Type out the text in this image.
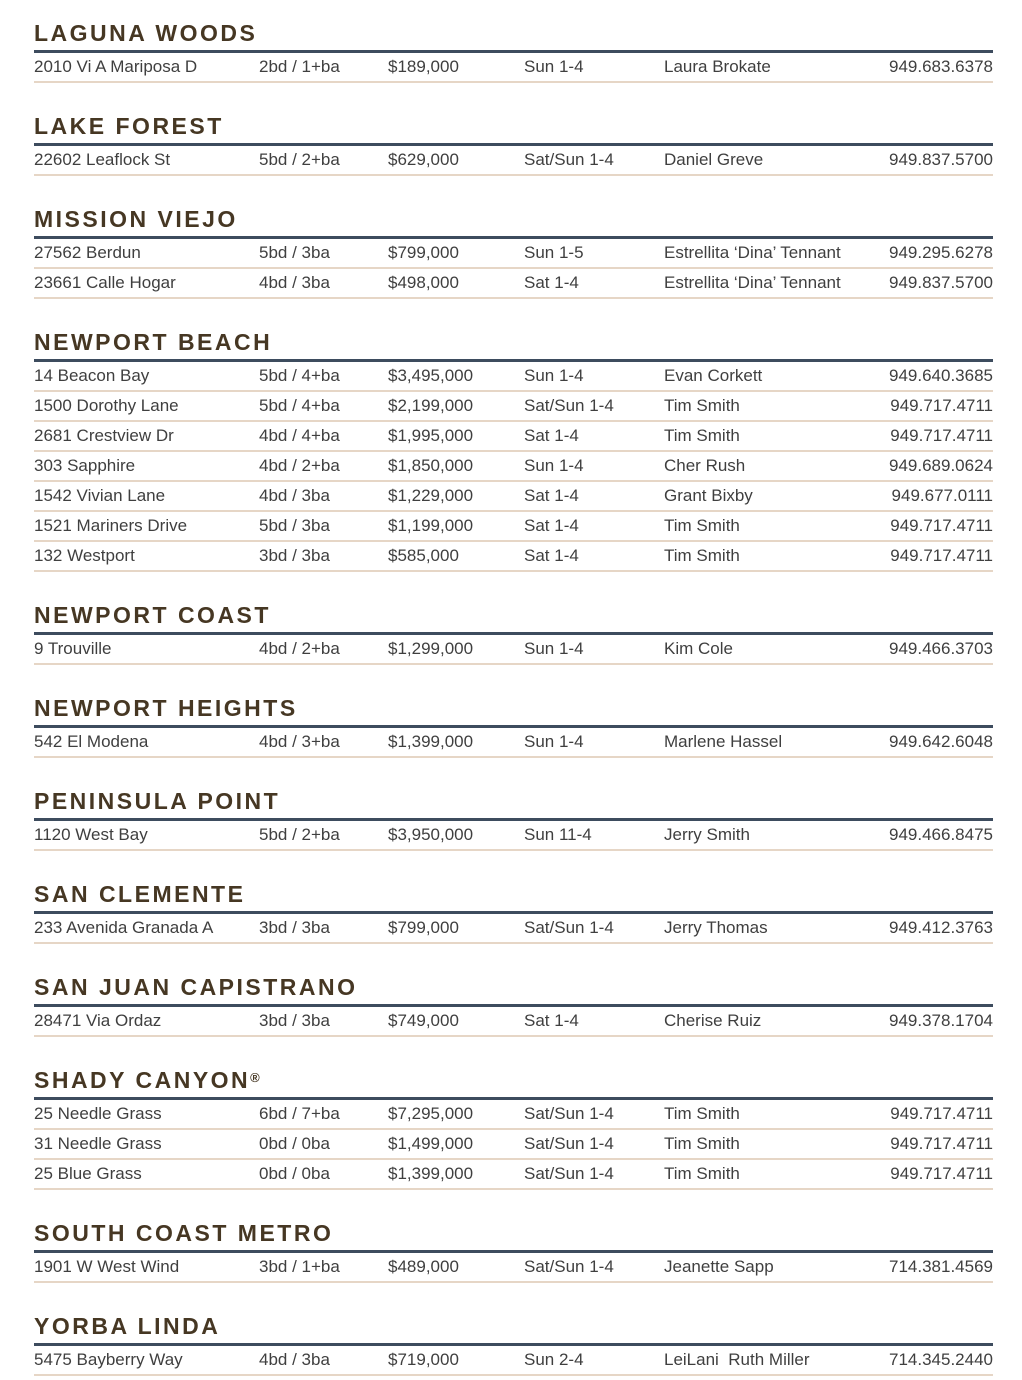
LAGUNA WOODS
2010 Vi A Mariposa D	2bd / 1+ba	$189,000	Sun 1-4	Laura Brokate	949.683.6378
LAKE FOREST
22602 Leaflock St	5bd / 2+ba	$629,000	Sat/Sun 1-4	Daniel Greve	949.837.5700
MISSION VIEJO
27562 Berdun	5bd / 3ba	$799,000	Sun 1-5	Estrellita ‘Dina’ Tennant	949.295.6278
23661 Calle Hogar	4bd / 3ba	$498,000	Sat 1-4	Estrellita ‘Dina’ Tennant	949.837.5700
NEWPORT BEACH
14 Beacon Bay	5bd / 4+ba	$3,495,000	Sun 1-4	Evan Corkett	949.640.3685
1500 Dorothy Lane	5bd / 4+ba	$2,199,000	Sat/Sun 1-4	Tim Smith	949.717.4711
2681 Crestview Dr	4bd / 4+ba	$1,995,000	Sat 1-4	Tim Smith	949.717.4711
303 Sapphire	4bd / 2+ba	$1,850,000	Sun 1-4	Cher Rush	949.689.0624
1542 Vivian Lane	4bd / 3ba	$1,229,000	Sat 1-4	Grant Bixby	949.677.0111
1521 Mariners Drive	5bd / 3ba	$1,199,000	Sat 1-4	Tim Smith	949.717.4711
132 Westport	3bd / 3ba	$585,000	Sat 1-4	Tim Smith	949.717.4711
NEWPORT COAST
9 Trouville	4bd / 2+ba	$1,299,000	Sun 1-4	Kim Cole	949.466.3703
NEWPORT HEIGHTS
542 El Modena	4bd / 3+ba	$1,399,000	Sun 1-4	Marlene Hassel	949.642.6048
PENINSULA POINT
1120 West Bay	5bd / 2+ba	$3,950,000	Sun 11-4	Jerry Smith	949.466.8475
SAN CLEMENTE
233 Avenida Granada A	3bd / 3ba	$799,000	Sat/Sun 1-4	Jerry Thomas	949.412.3763
SAN JUAN CAPISTRANO
28471 Via Ordaz	3bd / 3ba	$749,000	Sat 1-4	Cherise Ruiz	949.378.1704
SHADY CANYON®
25 Needle Grass	6bd / 7+ba	$7,295,000	Sat/Sun 1-4	Tim Smith	949.717.4711
31 Needle Grass	0bd / 0ba	$1,499,000	Sat/Sun 1-4	Tim Smith	949.717.4711
25 Blue Grass	0bd / 0ba	$1,399,000	Sat/Sun 1-4	Tim Smith	949.717.4711
SOUTH COAST METRO
1901 W West Wind	3bd / 1+ba	$489,000	Sat/Sun 1-4	Jeanette Sapp	714.381.4569
YORBA LINDA
5475 Bayberry Way	4bd / 3ba	$719,000	Sun 2-4	LeiLani  Ruth Miller	714.345.2440
